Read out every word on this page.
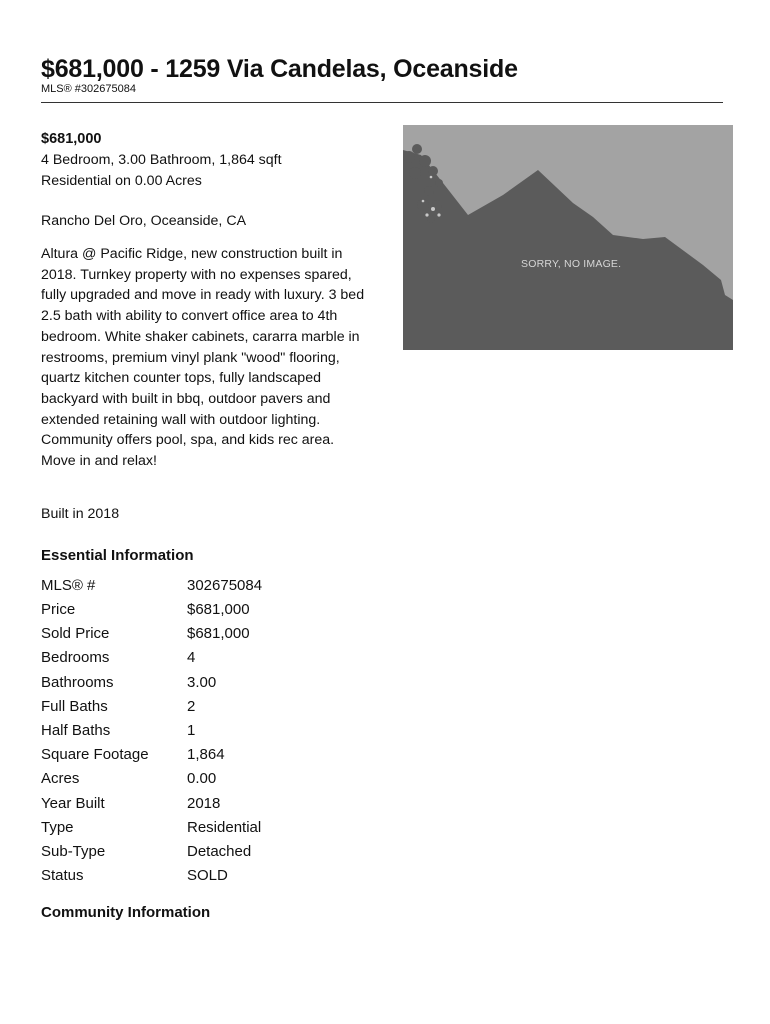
$681,000 - 1259 Via Candelas, Oceanside
MLS® #302675084
$681,000
4 Bedroom, 3.00 Bathroom, 1,864 sqft
Residential on 0.00 Acres
Rancho Del Oro, Oceanside, CA
Altura @ Pacific Ridge, new construction built in 2018. Turnkey property with no expenses spared, fully upgraded and move in ready with luxury. 3 bed 2.5 bath with ability to convert office area to 4th bedroom. White shaker cabinets, cararra marble in restrooms, premium vinyl plank "wood" flooring, quartz kitchen counter tops, fully landscaped backyard with built in bbq, outdoor pavers and extended retaining wall with outdoor lighting. Community offers pool, spa, and kids rec area. Move in and relax!
Built in 2018
Essential Information
MLS® #	302675084
Price	$681,000
Sold Price	$681,000
Bedrooms	4
Bathrooms	3.00
Full Baths	2
Half Baths	1
Square Footage	1,864
Acres	0.00
Year Built	2018
Type	Residential
Sub-Type	Detached
Status	SOLD
Community Information
SORRY, NO IMAGE.
